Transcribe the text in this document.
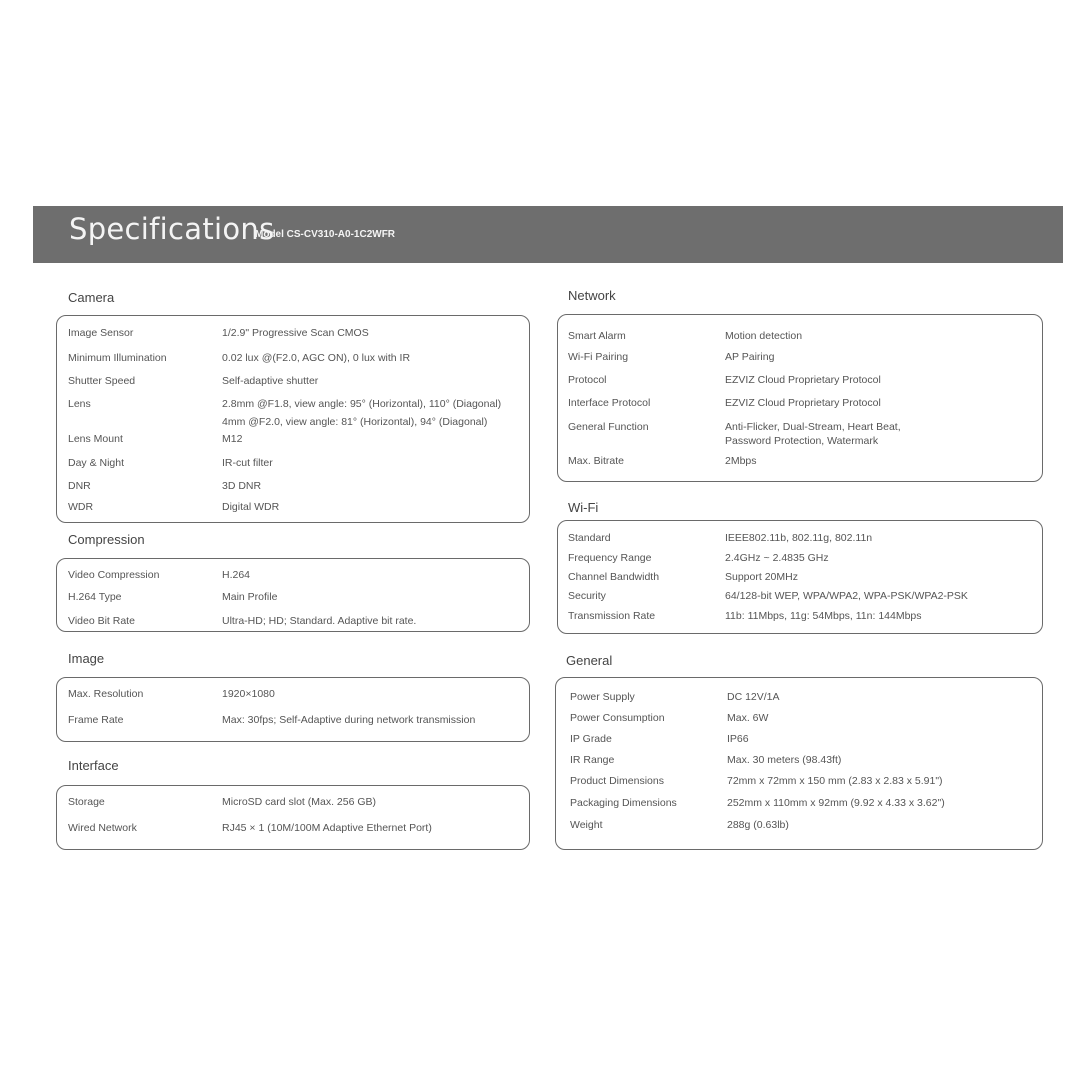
Specifications
Model CS-CV310-A0-1C2WFR
Camera
Image Sensor	1/2.9" Progressive Scan CMOS
Minimum Illumination	0.02 lux @(F2.0, AGC ON), 0 lux with IR
Shutter Speed	Self-adaptive shutter
Lens	2.8mm @F1.8, view angle: 95° (Horizontal), 110° (Diagonal)
4mm @F2.0, view angle: 81° (Horizontal), 94° (Diagonal)
Lens Mount	M12
Day & Night	IR-cut filter
DNR	3D DNR
WDR	Digital WDR
Compression
Video Compression	H.264
H.264 Type	Main Profile
Video Bit Rate	Ultra-HD; HD; Standard. Adaptive bit rate.
Image
Max. Resolution	1920×1080
Frame Rate	Max: 30fps; Self-Adaptive during network transmission
Interface
Storage	MicroSD card slot (Max. 256 GB)
Wired Network	RJ45 × 1 (10M/100M Adaptive Ethernet Port)
Network
Smart Alarm	Motion detection
Wi-Fi Pairing	AP Pairing
Protocol	EZVIZ Cloud Proprietary Protocol
Interface Protocol	EZVIZ Cloud Proprietary Protocol
General Function	Anti-Flicker, Dual-Stream, Heart Beat,
Password Protection, Watermark
Max. Bitrate	2Mbps
Wi-Fi
Standard	IEEE802.11b, 802.11g, 802.11n
Frequency Range	2.4GHz ~ 2.4835 GHz
Channel Bandwidth	Support 20MHz
Security	64/128-bit WEP, WPA/WPA2, WPA-PSK/WPA2-PSK
Transmission Rate	11b: 11Mbps, 11g: 54Mbps, 11n: 144Mbps
General
Power Supply	DC 12V/1A
Power Consumption	Max. 6W
IP Grade	IP66
IR Range	Max. 30 meters (98.43ft)
Product Dimensions	72mm x 72mm x 150 mm (2.83 x 2.83 x 5.91")
Packaging Dimensions	252mm x 110mm x 92mm (9.92 x 4.33 x 3.62")
Weight	288g (0.63lb)
